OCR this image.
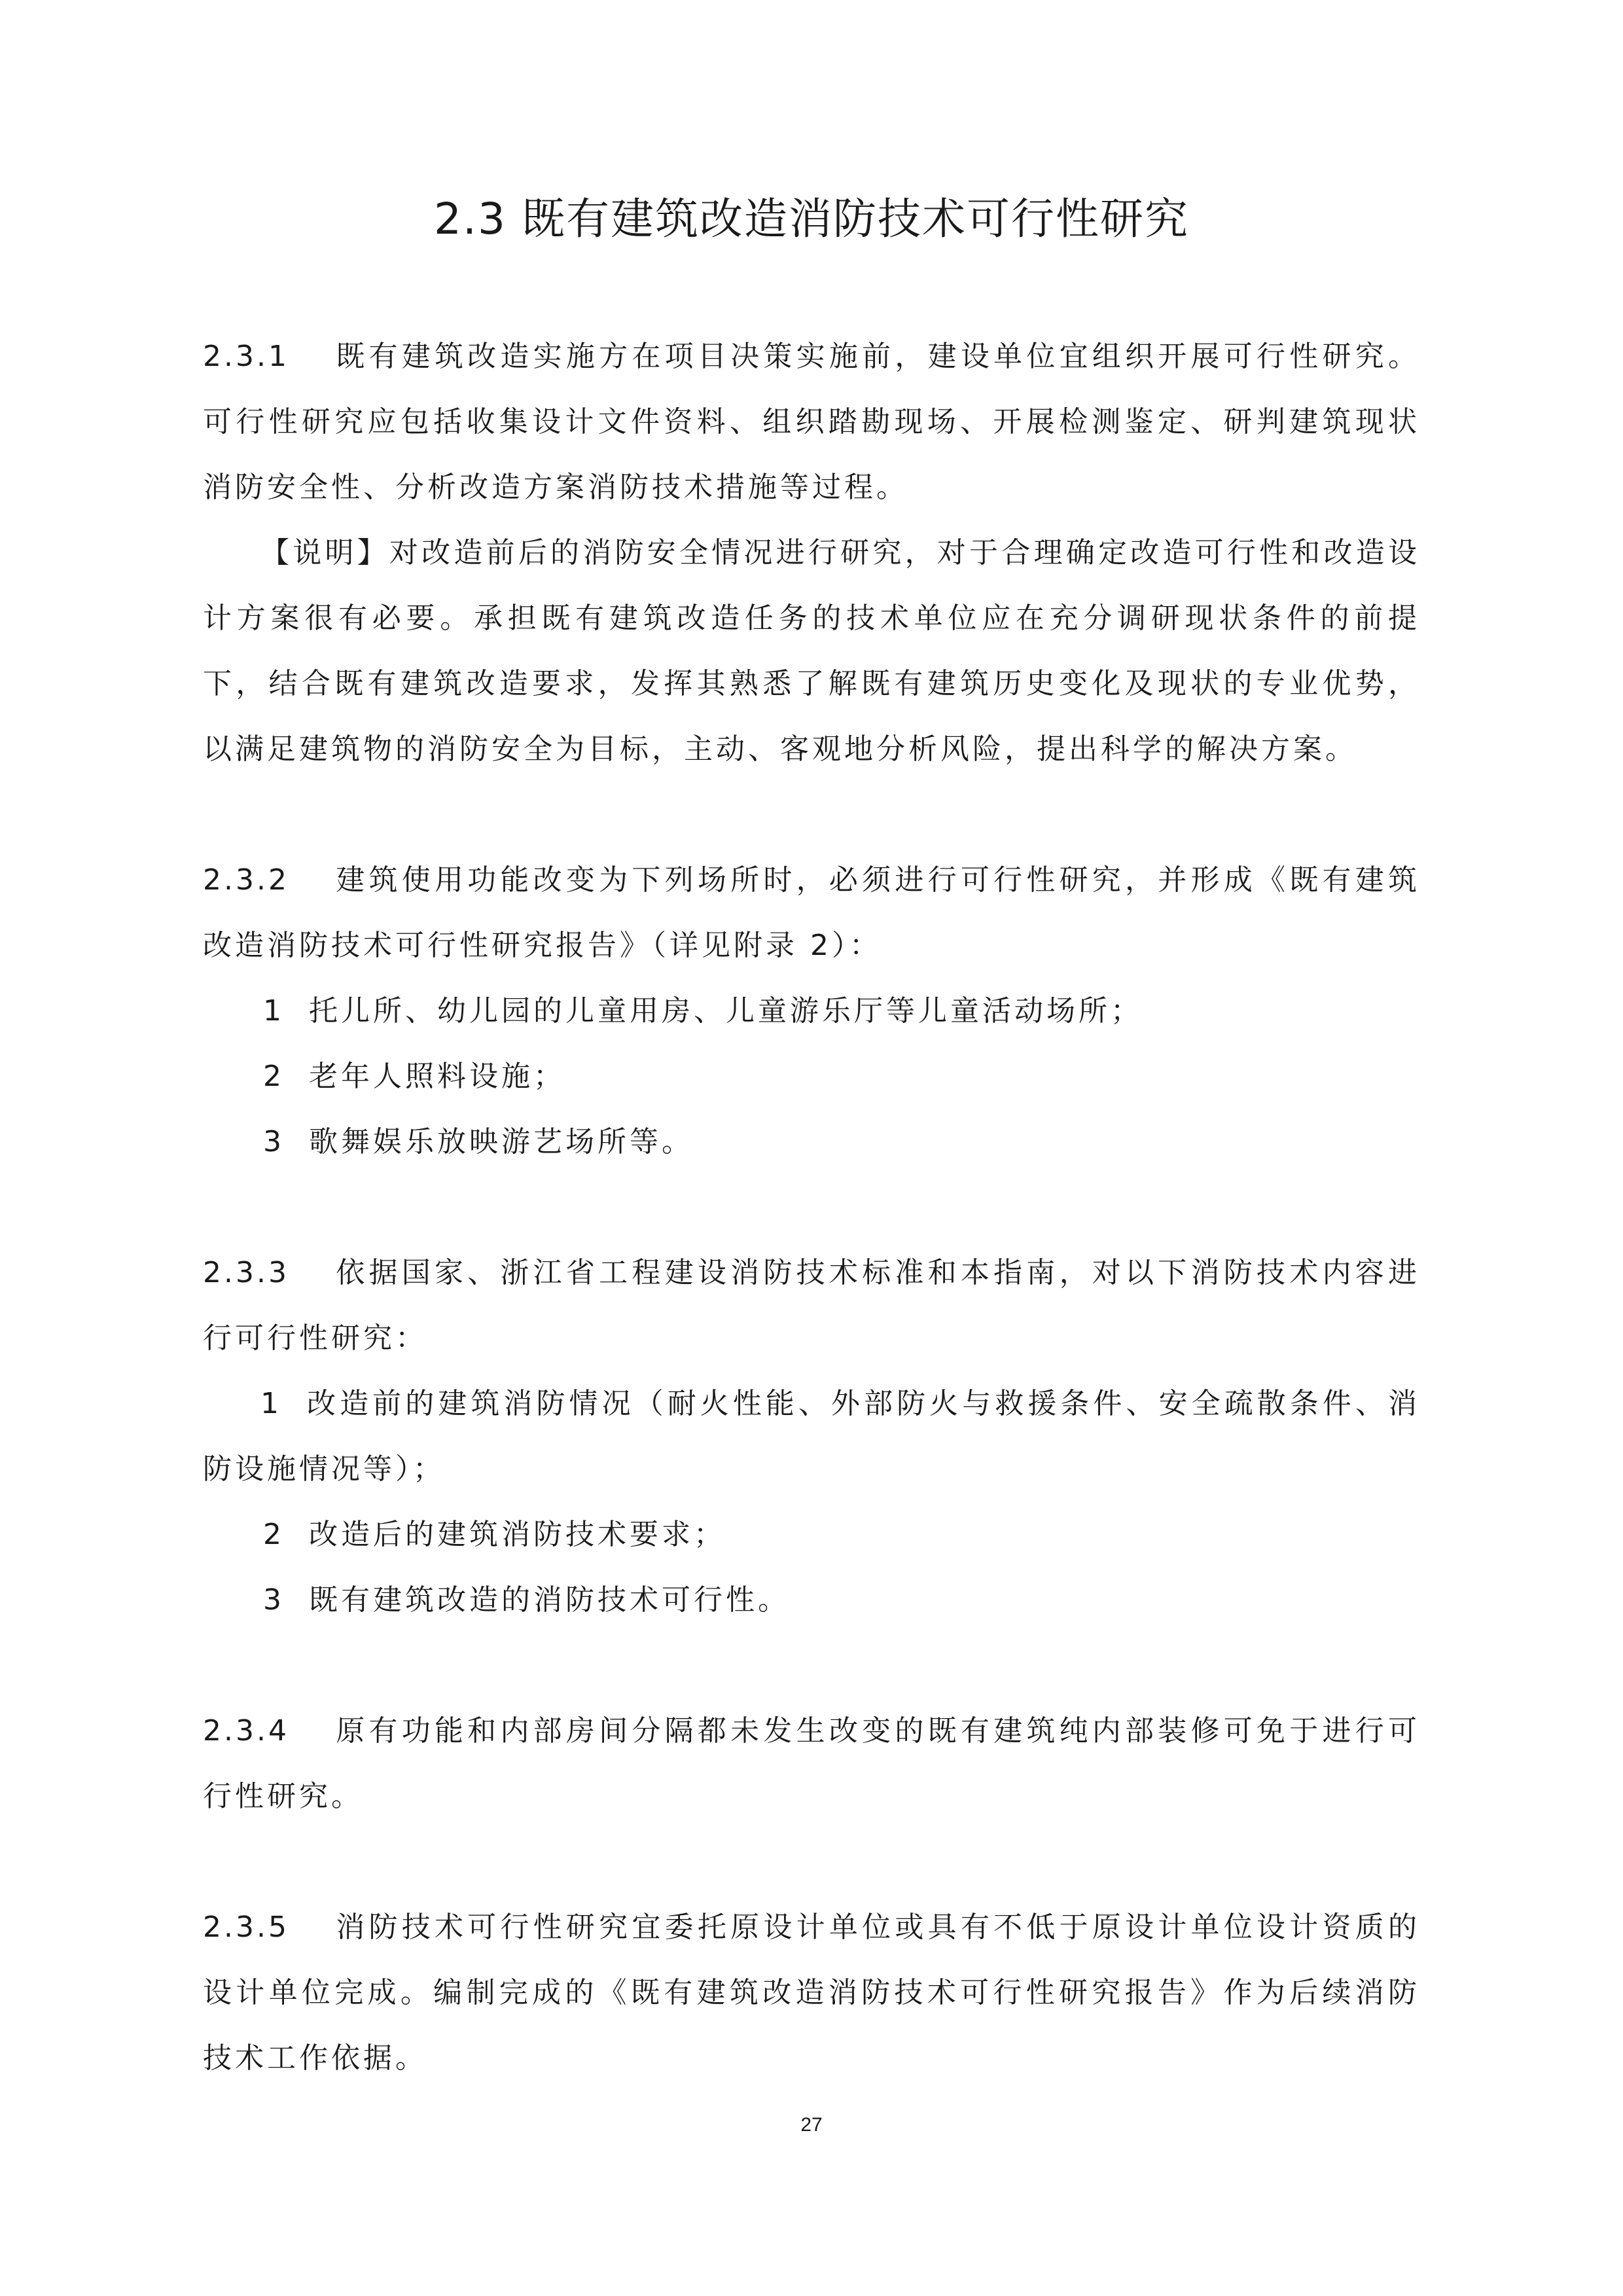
2.3 既有建筑改造消防技术可行性研究

2.3.1 既有建筑改造实施方在项目决策实施前，建设单位宜组织开展可行性研究。可行性研究应包括收集设计文件资料、组织踏勘现场、开展检测鉴定、研判建筑现状消防安全性、分析改造方案消防技术措施等过程。

【说明】对改造前后的消防安全情况进行研究，对于合理确定改造可行性和改造设计方案很有必要。承担既有建筑改造任务的技术单位应在充分调研现状条件的前提下，结合既有建筑改造要求，发挥其熟悉了解既有建筑历史变化及现状的专业优势，以满足建筑物的消防安全为目标，主动、客观地分析风险，提出科学的解决方案。

2.3.2 建筑使用功能改变为下列场所时，必须进行可行性研究，并形成《既有建筑改造消防技术可行性研究报告》（详见附录 2）：

1 托儿所、幼儿园的儿童用房、儿童游乐厅等儿童活动场所；

2 老年人照料设施；

3 歌舞娱乐放映游艺场所等。

2.3.3 依据国家、浙江省工程建设消防技术标准和本指南，对以下消防技术内容进行可行性研究：

1 改造前的建筑消防情况（耐火性能、外部防火与救援条件、安全疏散条件、消防设施情况等）；

2 改造后的建筑消防技术要求；

3 既有建筑改造的消防技术可行性。

2.3.4 原有功能和内部房间分隔都未发生改变的既有建筑纯内部装修可免于进行可行性研究。

2.3.5 消防技术可行性研究宜委托原设计单位或具有不低于原设计单位设计资质的设计单位完成。编制完成的《既有建筑改造消防技术可行性研究报告》作为后续消防技术工作依据。

27
